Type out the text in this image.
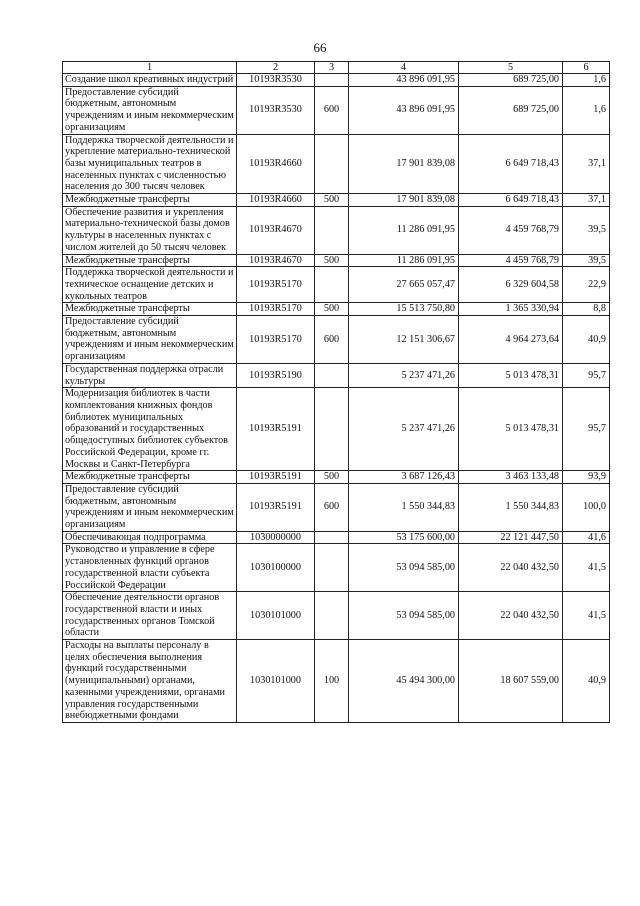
66
1	2	3	4	5	6
Создание школ креативных индустрий	10193R3530		43 896 091,95	689 725,00	1,6
Предоставление субсидий бюджетным, автономным учреждениям и иным некоммерческим организациям	10193R3530	600	43 896 091,95	689 725,00	1,6
Поддержка творческой деятельности и укрепление материально-технической базы муниципальных театров в населенных пунктах с численностью населения до 300 тысяч человек	10193R4660		17 901 839,08	6 649 718,43	37,1
Межбюджетные трансферты	10193R4660	500	17 901 839,08	6 649 718,43	37,1
Обеспечение развития и укрепления материально-технической базы домов культуры в населенных пунктах с числом жителей до 50 тысяч человек	10193R4670		11 286 091,95	4 459 768,79	39,5
Межбюджетные трансферты	10193R4670	500	11 286 091,95	4 459 768,79	39,5
Поддержка творческой деятельности и техническое оснащение детских и кукольных театров	10193R5170		27 665 057,47	6 329 604,58	22,9
Межбюджетные трансферты	10193R5170	500	15 513 750,80	1 365 330,94	8,8
Предоставление субсидий бюджетным, автономным учреждениям и иным некоммерческим организациям	10193R5170	600	12 151 306,67	4 964 273,64	40,9
Государственная поддержка отрасли культуры	10193R5190		5 237 471,26	5 013 478,31	95,7
Модернизация библиотек в части комплектования книжных фондов библиотек муниципальных образований и государственных общедоступных библиотек субъектов Российской Федерации, кроме гг. Москвы и Санкт-Петербурга	10193R5191		5 237 471,26	5 013 478,31	95,7
Межбюджетные трансферты	10193R5191	500	3 687 126,43	3 463 133,48	93,9
Предоставление субсидий бюджетным, автономным учреждениям и иным некоммерческим организациям	10193R5191	600	1 550 344,83	1 550 344,83	100,0
Обеспечивающая подпрограмма	1030000000		53 175 600,00	22 121 447,50	41,6
Руководство и управление в сфере установленных функций органов государственной власти субъекта Российской Федерации	1030100000		53 094 585,00	22 040 432,50	41,5
Обеспечение деятельности органов государственной власти и иных государственных органов Томской области	1030101000		53 094 585,00	22 040 432,50	41,5
Расходы на выплаты персоналу в целях обеспечения выполнения функций государственными (муниципальными) органами, казенными учреждениями, органами управления государственными внебюджетными фондами	1030101000	100	45 494 300,00	18 607 559,00	40,9
